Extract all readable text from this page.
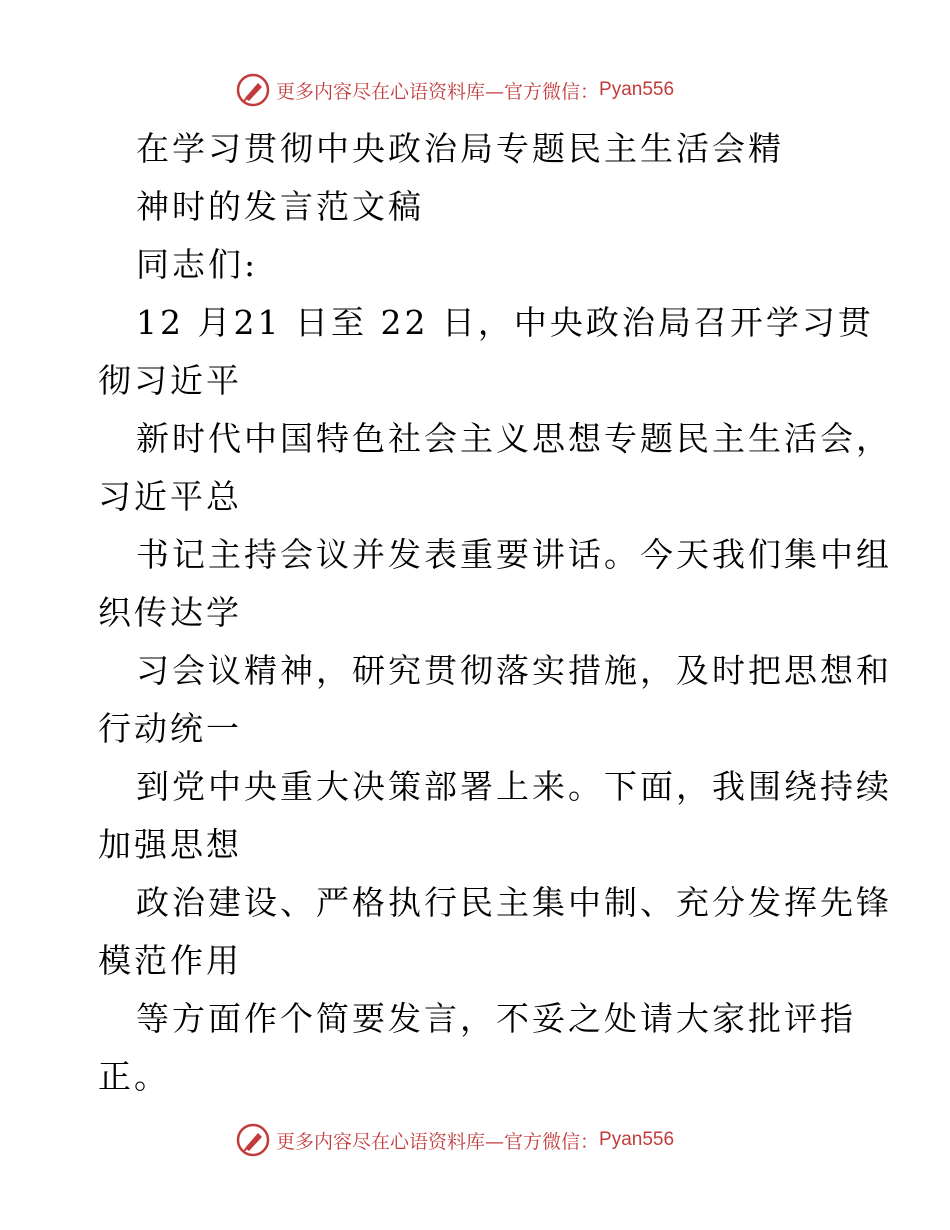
更多内容尽在心语资料库—官方微信： Pyan556
在学习贯彻中央政治局专题民主生活会精
神时的发言范文稿
同志们:
12 月21 日至 22 日，中央政治局召开学习贯
彻习近平
新时代中国特色社会主义思想专题民主生活会，
习近平总
书记主持会议并发表重要讲话。今天我们集中组
织传达学
习会议精神，研究贯彻落实措施，及时把思想和
行动统一
到党中央重大决策部署上来。下面，我围绕持续
加强思想
政治建设、严格执行民主集中制、充分发挥先锋
模范作用
等方面作个简要发言，不妥之处请大家批评指
正。
更多内容尽在心语资料库—官方微信： Pyan556
